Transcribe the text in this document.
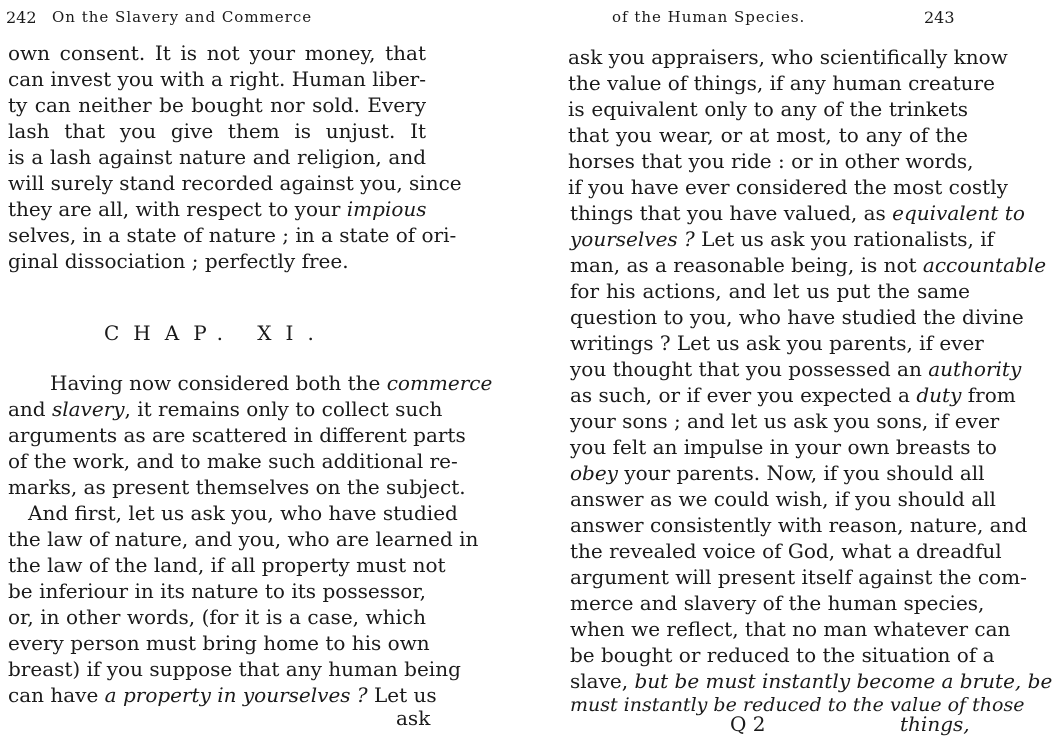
242 On the Slavery and Commerce
own consent. It is not your money, that
can invest you with a right. Human liber-
ty can neither be bought nor sold. Every
lash that you give them is unjust. It
is a lash against nature and religion, and
will surely stand recorded against you, since
they are all, with respect to your impious
selves, in a state of nature ; in a state of ori-
ginal dissociation ; perfectly free.
CHAP. XI.
Having now considered both the commerce
and slavery, it remains only to collect such
arguments as are scattered in different parts
of the work, and to make such additional re-
marks, as present themselves on the subject.
And first, let us ask you, who have studied
the law of nature, and you, who are learned in
the law of the land, if all property must not
be inferiour in its nature to its possessor,
or, in other words, (for it is a case, which
every person must bring home to his own
breast) if you suppose that any human being
can have a property in yourselves ? Let us
ask
of the Human Species.	243
ask you appraisers, who scientifically know
the value of things, if any human creature
is equivalent only to any of the trinkets
that you wear, or at most, to any of the
horses that you ride : or in other words,
if you have ever considered the most costly
things that you have valued, as equivalent to
yourselves ? Let us ask you rationalists, if
man, as a reasonable being, is not accountable
for his actions, and let us put the same
question to you, who have studied the divine
writings ? Let us ask you parents, if ever
you thought that you possessed an authority
as such, or if ever you expected a duty from
your sons ; and let us ask you sons, if ever
you felt an impulse in your own breasts to
obey your parents. Now, if you should all
answer as we could wish, if you should all
answer consistently with reason, nature, and
the revealed voice of God, what a dreadful
argument will present itself against the com-
merce and slavery of the human species,
when we reflect, that no man whatever can
be bought or reduced to the situation of a
slave, but be must instantly become a brute, be
must instantly be reduced to the value of those
Q 2	things,
